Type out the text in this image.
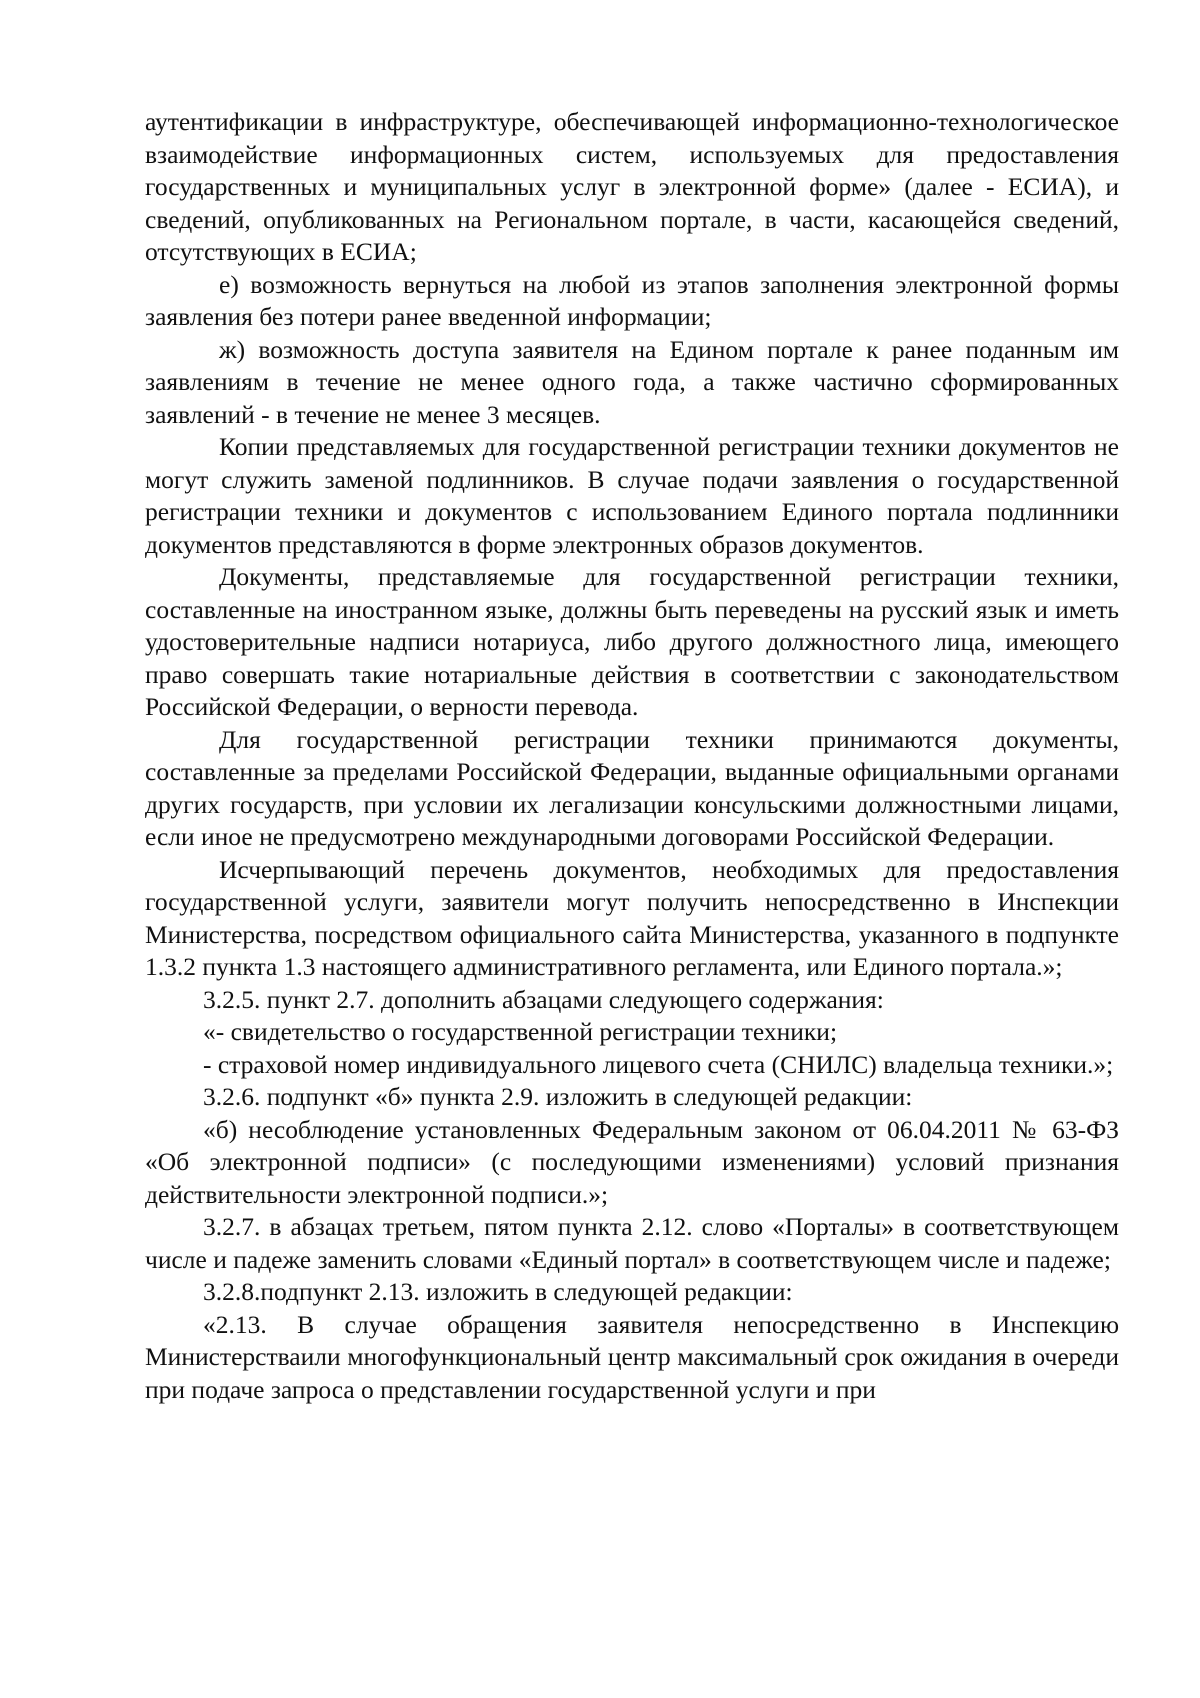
аутентификации в инфраструктуре, обеспечивающей информационно-технологическое взаимодействие информационных систем, используемых для предоставления государственных и муниципальных услуг в электронной форме» (далее - ЕСИА), и сведений, опубликованных на Региональном портале, в части, касающейся сведений, отсутствующих в ЕСИА;

е) возможность вернуться на любой из этапов заполнения электронной формы заявления без потери ранее введенной информации;

ж) возможность доступа заявителя на Едином портале к ранее поданным им заявлениям в течение не менее одного года, а также частично сформированных заявлений - в течение не менее 3 месяцев.

Копии представляемых для государственной регистрации техники документов не могут служить заменой подлинников. В случае подачи заявления о государственной регистрации техники и документов с использованием Единого портала подлинники документов представляются в форме электронных образов документов.

Документы, представляемые для государственной регистрации техники, составленные на иностранном языке, должны быть переведены на русский язык и иметь удостоверительные надписи нотариуса, либо другого должностного лица, имеющего право совершать такие нотариальные действия в соответствии с законодательством Российской Федерации, о верности перевода.

Для государственной регистрации техники принимаются документы, составленные за пределами Российской Федерации, выданные официальными органами других государств, при условии их легализации консульскими должностными лицами, если иное не предусмотрено международными договорами Российской Федерации.

Исчерпывающий перечень документов, необходимых для предоставления государственной услуги, заявители могут получить непосредственно в Инспекции Министерства, посредством официального сайта Министерства, указанного в подпункте 1.3.2 пункта 1.3 настоящего административного регламента, или Единого портала.»;

3.2.5. пункт 2.7. дополнить абзацами следующего содержания:

«- свидетельство о государственной регистрации техники;

- страховой номер индивидуального лицевого счета (СНИЛС) владельца техники.»;

3.2.6. подпункт «б» пункта 2.9. изложить в следующей редакции:

«б) несоблюдение установленных Федеральным законом от 06.04.2011 № 63-ФЗ «Об электронной подписи» (с последующими изменениями) условий признания действительности электронной подписи.»;

3.2.7. в абзацах третьем, пятом пункта 2.12. слово «Порталы» в соответствующем числе и падеже заменить словами «Единый портал» в соответствующем числе и падеже;

3.2.8.подпункт 2.13. изложить в следующей редакции:

«2.13. В случае обращения заявителя непосредственно в Инспекцию Министерстваили многофункциональный центр максимальный срок ожидания в очереди при подаче запроса о представлении государственной услуги и при
